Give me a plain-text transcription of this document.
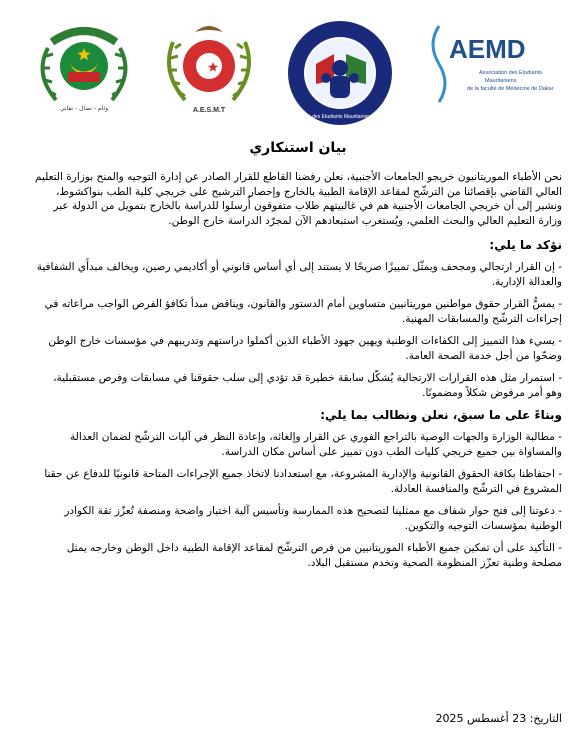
AEMD
Association des Etudiants
Mauritaniens
de la faculté de Médecine de Dakar
Association des Etudiants Mauritaniens au Maroc
A.E.S.M.T
وئام - نضال - تفاني
بيان استنكاري
نحن الأطباء الموريتانيون خريجو الجامعات الأجنبية، نعلن رفضنا القاطع للقرار الصادر عن إدارة التوجيه والمنح بوزارة التعليم العالي القاضي بإقصائنا من الترشّح لمقاعد الإقامة الطبية بالخارج وإحصار الترشيح على خريجي كلية الطب بنواكشوط، ونشير إلى أن خريجي الجامعات الأجنبية هم في غالبيتهم طلاب متفوقون أُرسلوا للدراسة بالخارج بتمويل من الدولة عبر وزارة التعليم العالي والبحث العلمي، ويُستغرب استبعادهم الآن لمجرّد الدراسة خارج الوطن.
نؤكد ما يلي:
- إن القرار ارتجالي ومجحف ويمثّل تمييزًا صريحًا لا يستند إلى أي أساس قانوني أو أكاديمي رصين، ويخالف مبدأَي الشفافية والعدالة الإدارية.
- يمسُّ القرار حقوق مواطنين موريتانيين متساوين أمام الدستور والقانون، ويناقض مبدأ تكافؤ الفرص الواجب مراعاته في إجراءات الترشّح والمسابقات المهنية.
- يسيء هذا التمييز إلى الكفاءات الوطنية ويهين جهود الأطباء الذين أكملوا دراستهم وتدريبهم في مؤسسات خارج الوطن وضحّوا من أجل خدمة الصحة العامة.
- استمرار مثل هذه القرارات الارتجالية يُشكّل سابقة خطيرة قد تؤدي إلى سلب حقوقنا في مسابقات وفرص مستقبلية، وهو أمر مرفوض شكلاً ومضمونًا.
وبناءً على ما سبق، نعلن ونطالب بما يلي:
- مطالبة الوزارة والجهات الوصية بالتراجع الفوري عن القرار وإلغائه، وإعادة النظر في آليات الترشّح لضمان العدالة والمساواة بين جميع خريجي كليات الطب دون تمييز على أساس مكان الدراسة.
- احتفاظنا بكافة الحقوق القانونية والإدارية المشروعة، مع استعدادنا لاتخاذ جميع الإجراءات المتاحة قانونيًا للدفاع عن حقنا المشروع في الترشّح والمنافسة العادلة.
- دعوتنا إلى فتح حوار شفاف مع ممثلينا لتصحيح هذه الممارسة وتأسيس آلية اختيار واضحة ومنصفة تُعزّز ثقة الكوادر الوطنية بمؤسسات التوجيه والتكوين.
- التأكيد على أن تمكين جميع الأطباء الموريتانيين من فرص الترشّح لمقاعد الإقامة الطبية داخل الوطن وخارجه يمثل مصلحة وطنية تعزّز المنظومة الصحية وتخدم مستقبل البلاد.
التاريخ: 23 أغسطس 2025
